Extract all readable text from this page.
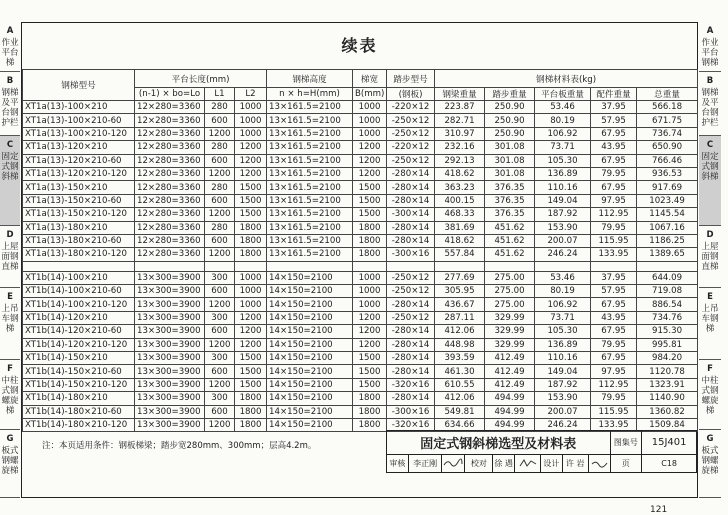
A
作业平台梯
B
钢梯及平台钢护栏
C
固定式钢斜梯
D
上屋面钢直梯
E
上吊车钢梯
F
中柱式钢螺旋梯
G
板式钢螺旋梯
A
作业平台钢梯
B
钢梯及平台钢护栏
C
固定式钢斜梯
D
上屋面钢直梯
E
上吊车钢梯
F
中柱式钢螺旋梯
G
板式钢螺旋梯
续表
钢梯型号	平台长度(mm)			钢梯高度	梯宽	踏步型号	钢梯材料表(kg)				
	(n-1) × bo=Lo	L1	L2	n × h=H(mm)	B(mm)	(钢板)	钢梁重量	踏步重量	平台板重量	配件重量	总重量
XT1a(13)-100×210	12×280=3360	280	1000	13×161.5=2100	1000	-220×12	223.87	250.90	53.46	37.95	566.18
XT1a(13)-100×210-60	12×280=3360	600	1000	13×161.5=2100	1000	-250×12	282.71	250.90	80.19	57.95	671.75
XT1a(13)-100×210-120	12×280=3360	1200	1000	13×161.5=2100	1000	-250×12	310.97	250.90	106.92	67.95	736.74
XT1a(13)-120×210	12×280=3360	280	1200	13×161.5=2100	1200	-220×12	232.16	301.08	73.71	43.95	650.90
XT1a(13)-120×210-60	12×280=3360	600	1200	13×161.5=2100	1200	-250×12	292.13	301.08	105.30	67.95	766.46
XT1a(13)-120×210-120	12×280=3360	1200	1200	13×161.5=2100	1200	-280×14	418.62	301.08	136.89	79.95	936.53
XT1a(13)-150×210	12×280=3360	280	1500	13×161.5=2100	1500	-280×14	363.23	376.35	110.16	67.95	917.69
XT1a(13)-150×210-60	12×280=3360	600	1500	13×161.5=2100	1500	-280×14	400.15	376.35	149.04	97.95	1023.49
XT1a(13)-150×210-120	12×280=3360	1200	1500	13×161.5=2100	1500	-300×14	468.33	376.35	187.92	112.95	1145.54
XT1a(13)-180×210	12×280=3360	280	1800	13×161.5=2100	1800	-280×14	381.69	451.62	153.90	79.95	1067.16
XT1a(13)-180×210-60	12×280=3360	600	1800	13×161.5=2100	1800	-280×14	418.62	451.62	200.07	115.95	1186.25
XT1a(13)-180×210-120	12×280=3360	1200	1800	13×161.5=2100	1800	-300×16	557.84	451.62	246.24	133.95	1389.65

XT1b(14)-100×210	13×300=3900	300	1000	14×150=2100	1000	-250×12	277.69	275.00	53.46	37.95	644.09
XT1b(14)-100×210-60	13×300=3900	600	1000	14×150=2100	1000	-250×12	305.95	275.00	80.19	57.95	719.08
XT1b(14)-100×210-120	13×300=3900	1200	1000	14×150=2100	1000	-280×14	436.67	275.00	106.92	67.95	886.54
XT1b(14)-120×210	13×300=3900	300	1200	14×150=2100	1200	-250×12	287.11	329.99	73.71	43.95	734.76
XT1b(14)-120×210-60	13×300=3900	600	1200	14×150=2100	1200	-280×14	412.06	329.99	105.30	67.95	915.30
XT1b(14)-120×210-120	13×300=3900	1200	1200	14×150=2100	1200	-280×14	448.98	329.99	136.89	79.95	995.81
XT1b(14)-150×210	13×300=3900	300	1500	14×150=2100	1500	-280×14	393.59	412.49	110.16	67.95	984.20
XT1b(14)-150×210-60	13×300=3900	600	1500	14×150=2100	1500	-280×14	461.30	412.49	149.04	97.95	1120.78
XT1b(14)-150×210-120	13×300=3900	1200	1500	14×150=2100	1500	-320×16	610.55	412.49	187.92	112.95	1323.91
XT1b(14)-180×210	13×300=3900	300	1800	14×150=2100	1800	-280×14	412.06	494.99	153.90	79.95	1140.90
XT1b(14)-180×210-60	13×300=3900	600	1800	14×150=2100	1800	-300×16	549.81	494.99	200.07	115.95	1360.82
XT1b(14)-180×210-120	13×300=3900	1200	1800	14×150=2100	1800	-320×16	634.66	494.99	246.24	133.95	1509.84
注：本页适用条件：钢板梯梁；踏步宽280mm、300mm；层高4.2m。	固定式钢斜梯选型及材料表									图集号	15J401
审核	李正刚		校对	徐 遇		设计	许 岩		页	C18
121
